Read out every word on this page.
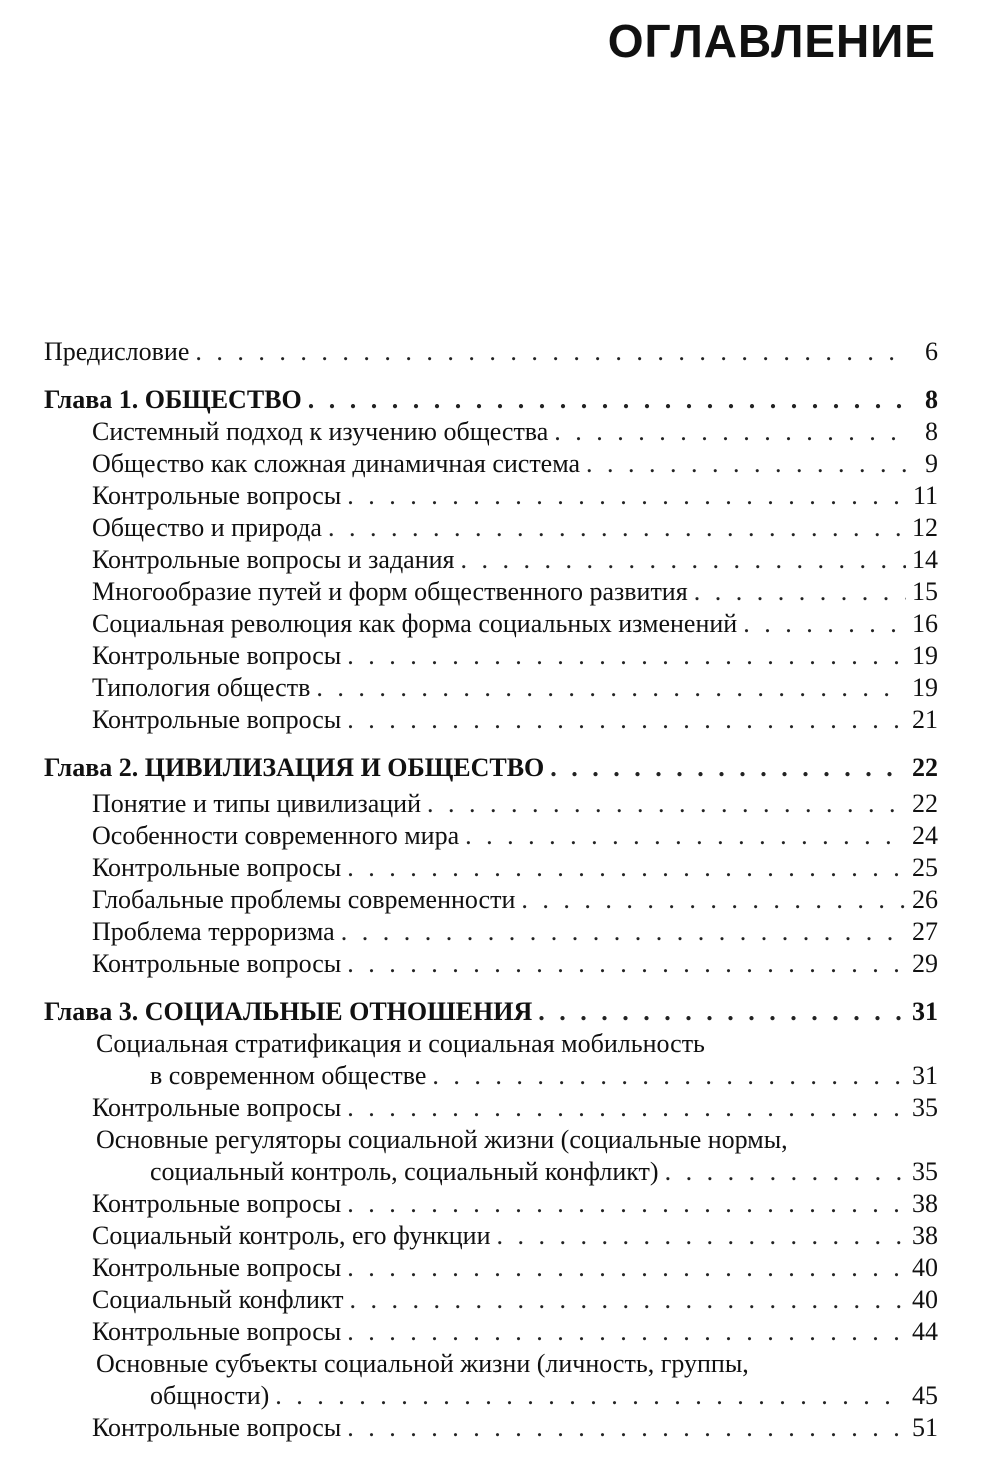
ОГЛАВЛЕНИЕ
Предисловие . . .	6
Глава 1. ОБЩЕСТВО . . .	8
Системный подход к изучению общества . . .	8
Общество как сложная динамичная система . . .	9
Контрольные вопросы . . .	11
Общество и природа . . .	12
Контрольные вопросы и задания . . .	14
Многообразие путей и форм общественного развития . . .	15
Социальная революция как форма социальных изменений . . .	16
Контрольные вопросы . . .	19
Типология обществ . . .	19
Контрольные вопросы . . .	21
Глава 2. ЦИВИЛИЗАЦИЯ И ОБЩЕСТВО . . .	22
Понятие и типы цивилизаций . . .	22
Особенности современного мира . . .	24
Контрольные вопросы . . .	25
Глобальные проблемы современности . . .	26
Проблема терроризма . . .	27
Контрольные вопросы . . .	29
Глава 3. СОЦИАЛЬНЫЕ ОТНОШЕНИЯ . . .	31
Социальная стратификация и социальная мобильность
в современном обществе . . .	31
Контрольные вопросы . . .	35
Основные регуляторы социальной жизни (социальные нормы,
социальный контроль, социальный конфликт) . . .	35
Контрольные вопросы . . .	38
Социальный контроль, его функции . . .	38
Контрольные вопросы . . .	40
Социальный конфликт . . .	40
Контрольные вопросы . . .	44
Основные субъекты социальной жизни (личность, группы,
общности) . . .	45
Контрольные вопросы . . .	51
